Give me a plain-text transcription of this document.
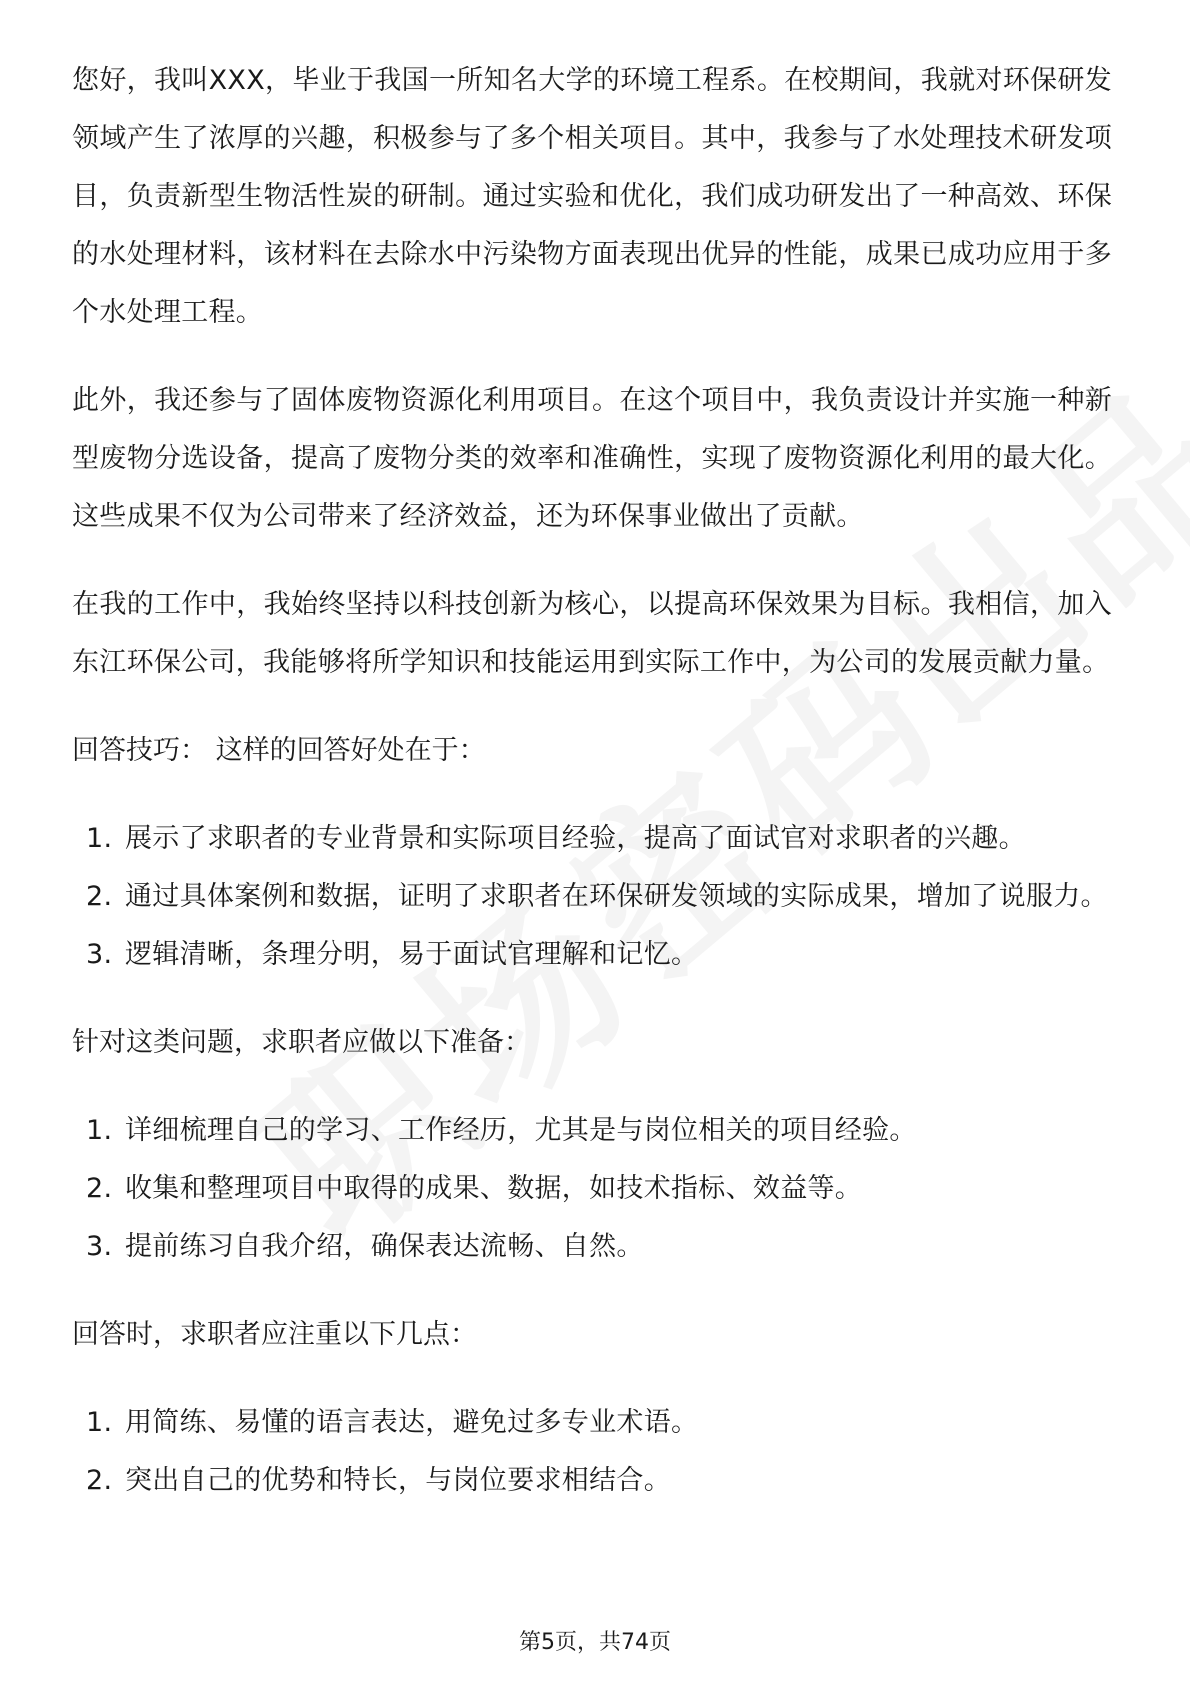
您好，我叫XXX，毕业于我国一所知名大学的环境工程系。在校期间，我就对环保研发领域产生了浓厚的兴趣，积极参与了多个相关项目。其中，我参与了水处理技术研发项目，负责新型生物活性炭的研制。通过实验和优化，我们成功研发出了一种高效、环保的水处理材料，该材料在去除水中污染物方面表现出优异的性能，成果已成功应用于多个水处理工程。

此外，我还参与了固体废物资源化利用项目。在这个项目中，我负责设计并实施一种新型废物分选设备，提高了废物分类的效率和准确性，实现了废物资源化利用的最大化。这些成果不仅为公司带来了经济效益，还为环保事业做出了贡献。

在我的工作中，我始终坚持以科技创新为核心，以提高环保效果为目标。我相信，加入东江环保公司，我能够将所学知识和技能运用到实际工作中，为公司的发展贡献力量。

回答技巧： 这样的回答好处在于：

1. 展示了求职者的专业背景和实际项目经验，提高了面试官对求职者的兴趣。
2. 通过具体案例和数据，证明了求职者在环保研发领域的实际成果，增加了说服力。
3. 逻辑清晰，条理分明，易于面试官理解和记忆。

针对这类问题，求职者应做以下准备：

1. 详细梳理自己的学习、工作经历，尤其是与岗位相关的项目经验。
2. 收集和整理项目中取得的成果、数据，如技术指标、效益等。
3. 提前练习自我介绍，确保表达流畅、自然。

回答时，求职者应注重以下几点：

1. 用简练、易懂的语言表达，避免过多专业术语。
2. 突出自己的优势和特长，与岗位要求相结合。
第5页，共74页
